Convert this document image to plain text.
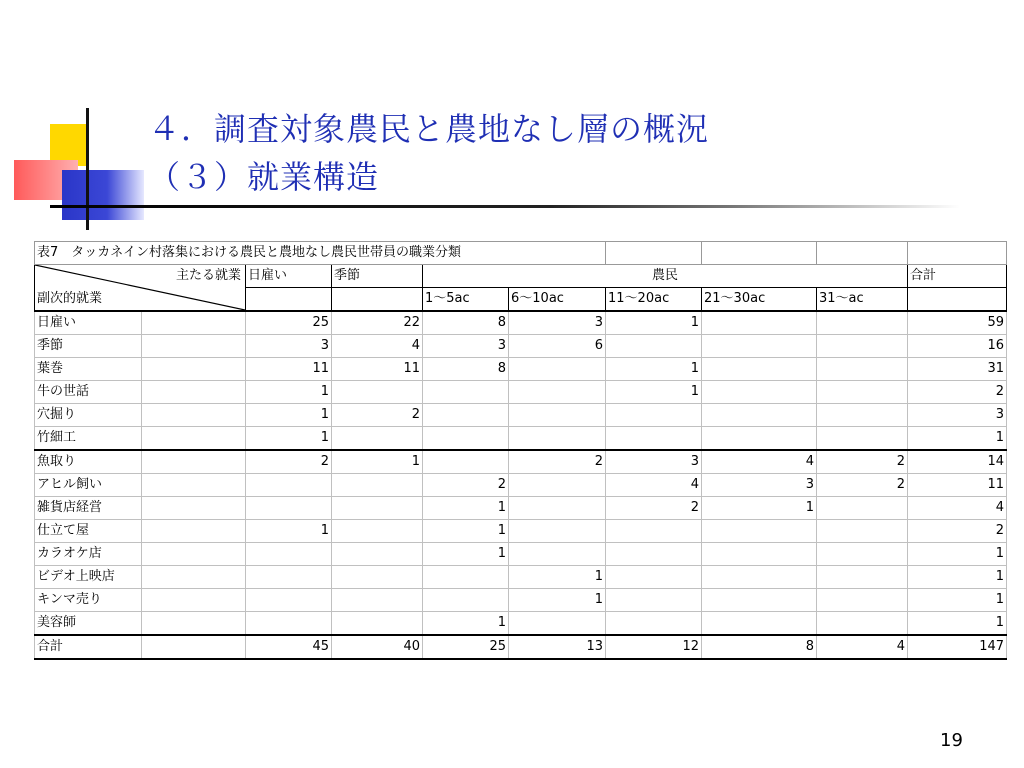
４．調査対象農民と農地なし層の概況
（３）就業構造
表7　タッカネイン村落集における農民と農地なし農民世帯員の職業分類									

主たる就業
副次的就業		日雇い	季節	農民					合計
				1～5ac	6～10ac	11～20ac	21～30ac	31～ac	
日雇い		25	22	8	3	1			59
季節		3	4	3	6				16
葉巻		11	11	8		1			31
牛の世話		1				1			2
穴掘り		1	2						3
竹細工		1							1
魚取り		2	1		2	3	4	2	14
アヒル飼い				2		4	3	2	11
雑貨店経営				1		2	1		4
仕立て屋		1		1					2
カラオケ店				1					1
ビデオ上映店					1				1
キンマ売り					1				1
美容師				1					1
合計		45	40	25	13	12	8	4	147
19
